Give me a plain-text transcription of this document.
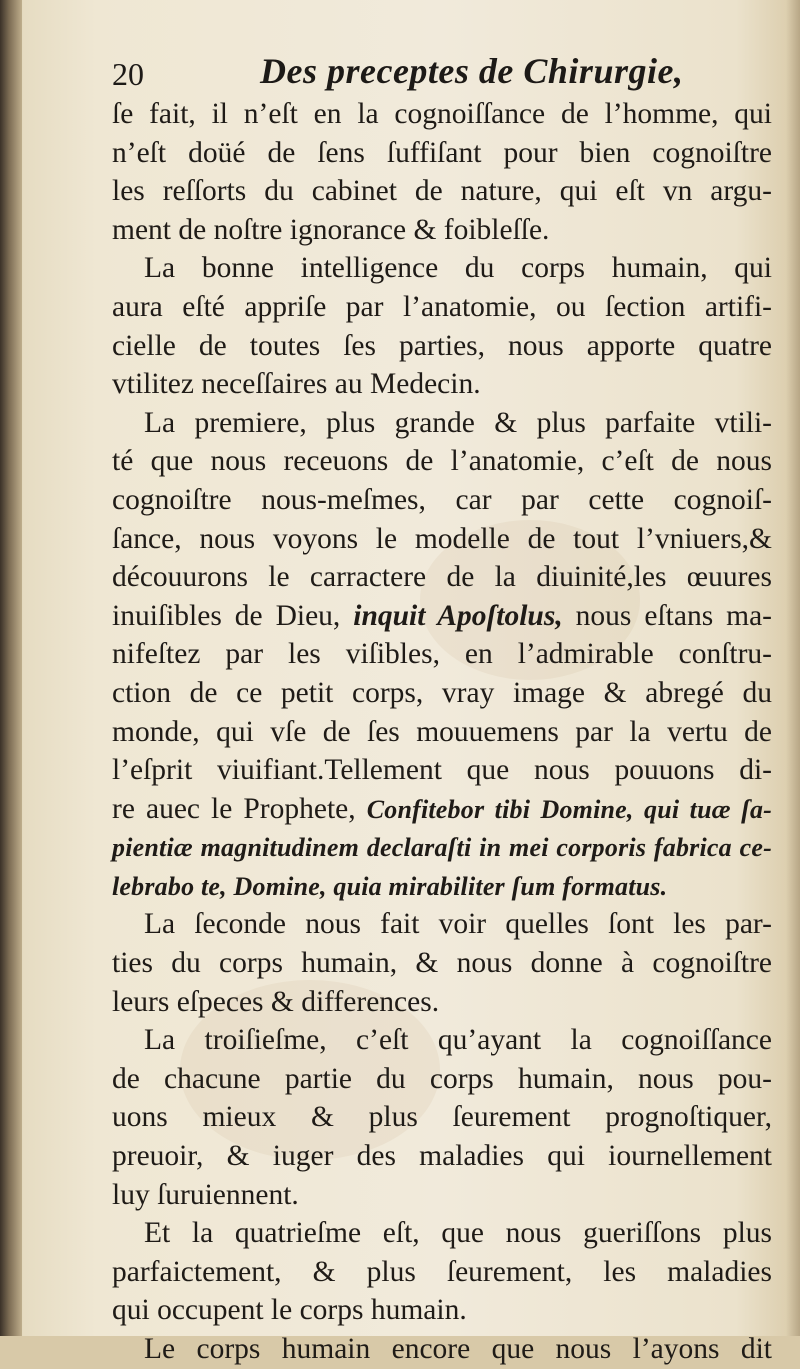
20	Des preceptes de Chirurgie,
ſe fait, il n’eſt en la cognoiſſance de l’homme, qui
n’eſt doüé de ſens ſuffiſant pour bien cognoiſtre
les reſſorts du cabinet de nature, qui eſt vn argu-
ment de noſtre ignorance & foibleſſe.
La bonne intelligence du corps humain, qui
aura eſté appriſe par l’anatomie, ou ſection artifi-
cielle de toutes ſes parties, nous apporte quatre
vtilitez neceſſaires au Medecin.
La premiere, plus grande & plus parfaite vtili-
té que nous receuons de l’anatomie, c’eſt de nous
cognoiſtre nous-meſmes, car par cette cognoiſ-
ſance, nous voyons le modelle de tout l’vniuers,&
découurons le carractere de la diuinité,les œuures
inuiſibles de Dieu, inquit Apoſtolus, nous eſtans ma-
nifeſtez par les viſibles, en l’admirable conſtru-
ction de ce petit corps, vray image & abregé du
monde, qui vſe de ſes mouuemens par la vertu de
l’eſprit viuifiant.Tellement que nous pouuons di-
re auec le Prophete, Confitebor tibi Domine, qui tuæ ſa-
pientiæ magnitudinem declaraſti in mei corporis fabrica ce-
lebrabo te, Domine, quia mirabiliter ſum formatus.
La ſeconde nous fait voir quelles ſont les par-
ties du corps humain, & nous donne à cognoiſtre
leurs eſpeces & differences.
La troiſieſme, c’eſt qu’ayant la cognoiſſance
de chacune partie du corps humain, nous pou-
uons mieux & plus ſeurement prognoſtiquer,
preuoir, & iuger des maladies qui iournellement
luy ſuruiennent.
Et la quatrieſme eſt, que nous gueriſſons plus
parfaictement, & plus ſeurement, les maladies
qui occupent le corps humain.
Le corps humain encore que nous l’ayons dit
